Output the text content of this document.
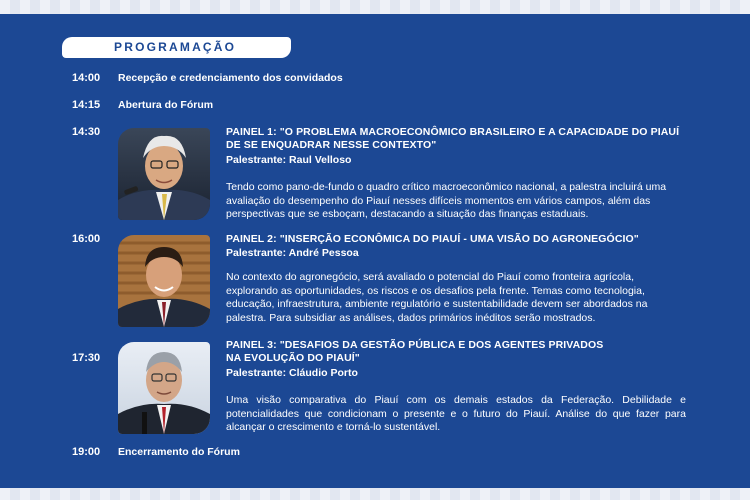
PROGRAMAÇÃO
14:00 Recepção e credenciamento dos convidados
14:15 Abertura do Fórum
14:30	PAINEL 1: "O PROBLEMA MACROECONÔMICO BRASILEIRO E A CAPACIDADE DO PIAUÍ
DE SE ENQUADRAR NESSE CONTEXTO"
Palestrante: Raul Velloso
Tendo como pano-de-fundo o quadro crítico macroeconômico nacional, a palestra incluirá uma avaliação do desempenho do Piauí nesses difíceis momentos em vários campos, além das perspectivas que se esboçam, destacando a situação das finanças estaduais.
16:00	PAINEL 2: "INSERÇÃO ECONÔMICA DO PIAUÍ - UMA VISÃO DO AGRONEGÓCIO"
Palestrante: André Pessoa
No contexto do agronegócio, será avaliado o potencial do Piauí como fronteira agrícola, explorando as oportunidades, os riscos e os desafios pela frente. Temas como tecnologia, educação, infraestrutura, ambiente regulatório e sustentabilidade devem ser abordados na palestra. Para subsidiar as análises, dados primários inéditos serão mostrados.
17:30
PAINEL 3: "DESAFIOS DA GESTÃO PÚBLICA E DOS AGENTES PRIVADOS
NA EVOLUÇÃO DO PIAUÍ"
Palestrante: Cláudio Porto
Uma visão comparativa do Piauí com os demais estados da Federação. Debilidade e potencialidades que condicionam o presente e o futuro do Piauí. Análise do que fazer para alcançar o crescimento e torná-lo sustentável.
19:00 Encerramento do Fórum
